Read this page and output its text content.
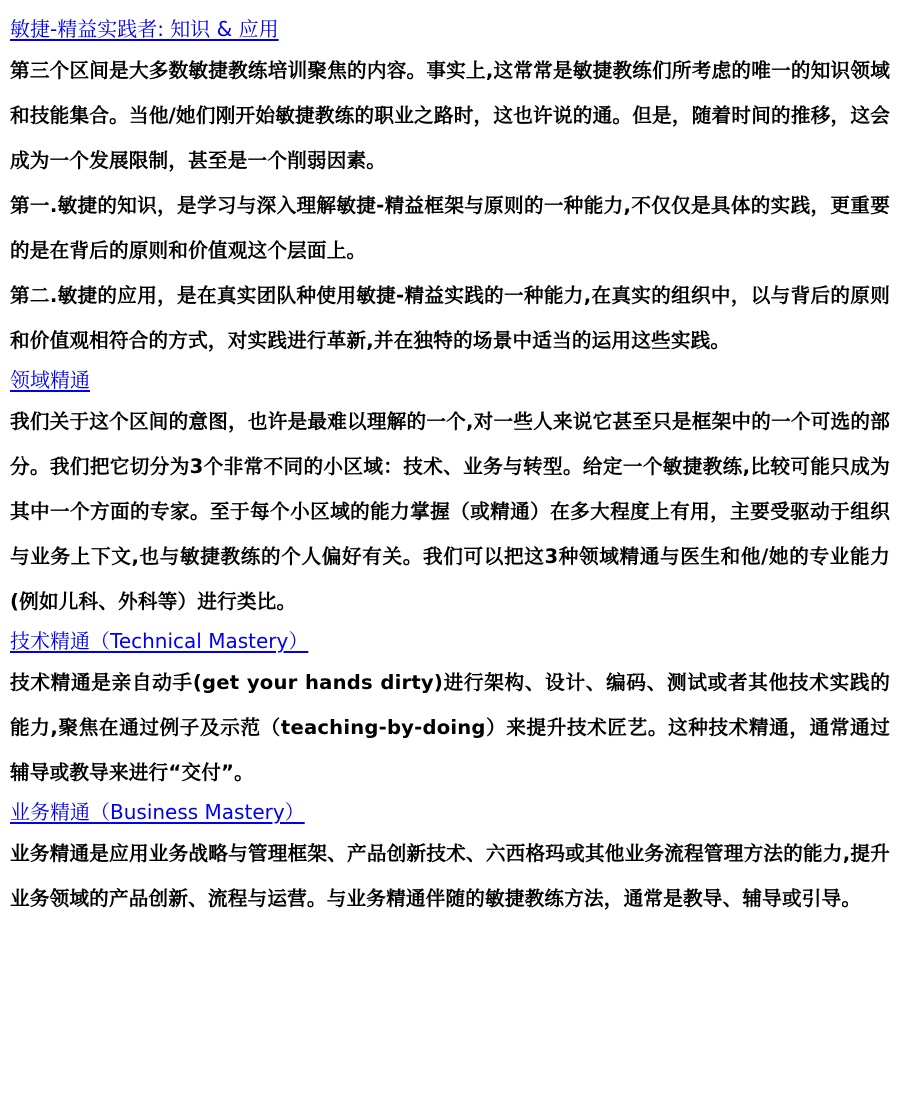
敏捷-精益实践者: 知识 & 应用

第三个区间是大多数敏捷教练培训聚焦的内容。事实上,这常常是敏捷教练们所考虑的唯一的知识领域和技能集合。当他/她们刚开始敏捷教练的职业之路时，这也许说的通。但是，随着时间的推移，这会成为一个发展限制，甚至是一个削弱因素。

第一.敏捷的知识，是学习与深入理解敏捷-精益框架与原则的一种能力,不仅仅是具体的实践，更重要的是在背后的原则和价值观这个层面上。

第二.敏捷的应用，是在真实团队种使用敏捷-精益实践的一种能力,在真实的组织中，以与背后的原则和价值观相符合的方式，对实践进行革新,并在独特的场景中适当的运用这些实践。

领域精通

我们关于这个区间的意图，也许是最难以理解的一个,对一些人来说它甚至只是框架中的一个可选的部分。我们把它切分为3个非常不同的小区域：技术、业务与转型。给定一个敏捷教练,比较可能只成为其中一个方面的专家。至于每个小区域的能力掌握（或精通）在多大程度上有用，主要受驱动于组织与业务上下文,也与敏捷教练的个人偏好有关。我们可以把这3种领域精通与医生和他/她的专业能力(例如儿科、外科等）进行类比。

技术精通（Technical Mastery）

技术精通是亲自动手(get your hands dirty)进行架构、设计、编码、测试或者其他技术实践的能力,聚焦在通过例子及示范（teaching-by-doing）来提升技术匠艺。这种技术精通，通常通过辅导或教导来进行“交付”。

业务精通（Business Mastery）

业务精通是应用业务战略与管理框架、产品创新技术、六西格玛或其他业务流程管理方法的能力,提升业务领域的产品创新、流程与运营。与业务精通伴随的敏捷教练方法，通常是教导、辅导或引导。
